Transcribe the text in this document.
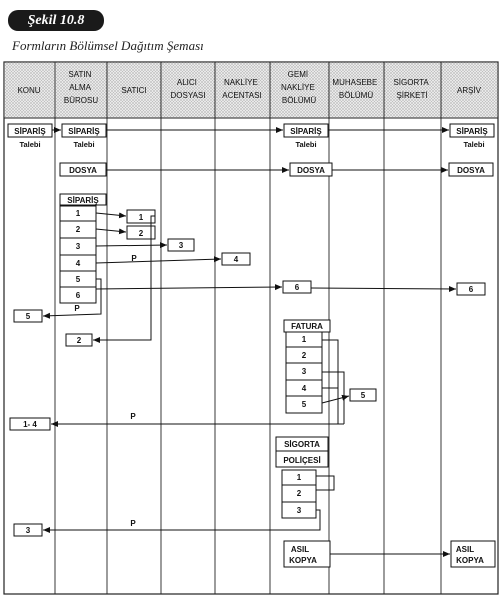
Şekil 10.8
Formların Bölümsel Dağıtım Şeması
KONU
SATIN ALMA BÜROSU
SATICI
ALICI DOSYASI
NAKLİYE ACENTASI
GEMİ NAKLİYE BÖLÜMÜ
MUHASEBE BÖLÜMÜ
SİGORTA ŞİRKETİ
ARŞİV
SİPARİŞ
Talebi
SİPARİŞ
Talebi
SİPARİŞ
Talebi
SİPARİŞ
Talebi
DOSYA	DOSYA	DOSYA
SİPARİŞ
1
2
3
4
5
6
1
2
3
4
P
6	6
5
P
2
FATURA
1
2
3
4
5
5
1- 4
P
SİGORTA
POLİÇESİ
1
2
3
3
P
ASIL
KOPYA
ASIL
KOPYA
